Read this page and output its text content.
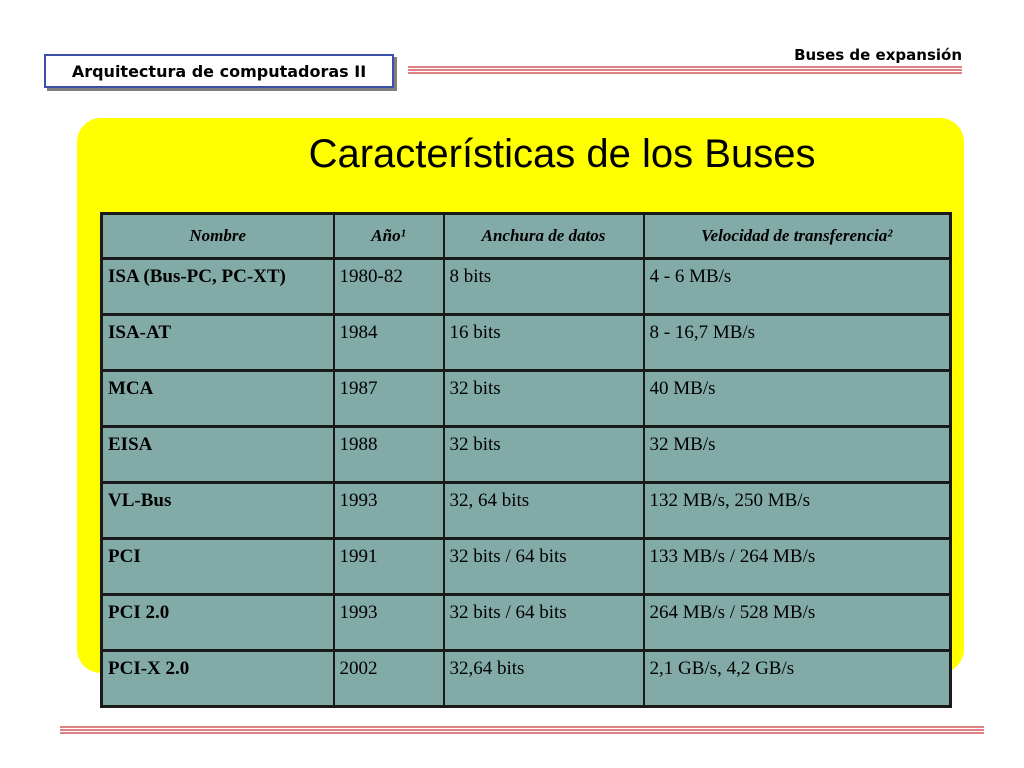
Arquitectura de computadoras II
Buses de expansión
Características de los Buses
Nombre	Año¹	Anchura de datos	Velocidad de transferencia²
ISA (Bus-PC, PC-XT)	1980-82	8 bits	4 - 6 MB/s
ISA-AT	1984	16 bits	8 - 16,7 MB/s
MCA	1987	32 bits	40 MB/s
EISA	1988	32 bits	32 MB/s
VL-Bus	1993	32, 64 bits	132 MB/s, 250 MB/s
PCI	1991	32 bits / 64 bits	133 MB/s / 264 MB/s
PCI 2.0	1993	32 bits / 64 bits	264 MB/s / 528 MB/s
PCI-X 2.0	2002	32,64 bits	2,1 GB/s, 4,2 GB/s
